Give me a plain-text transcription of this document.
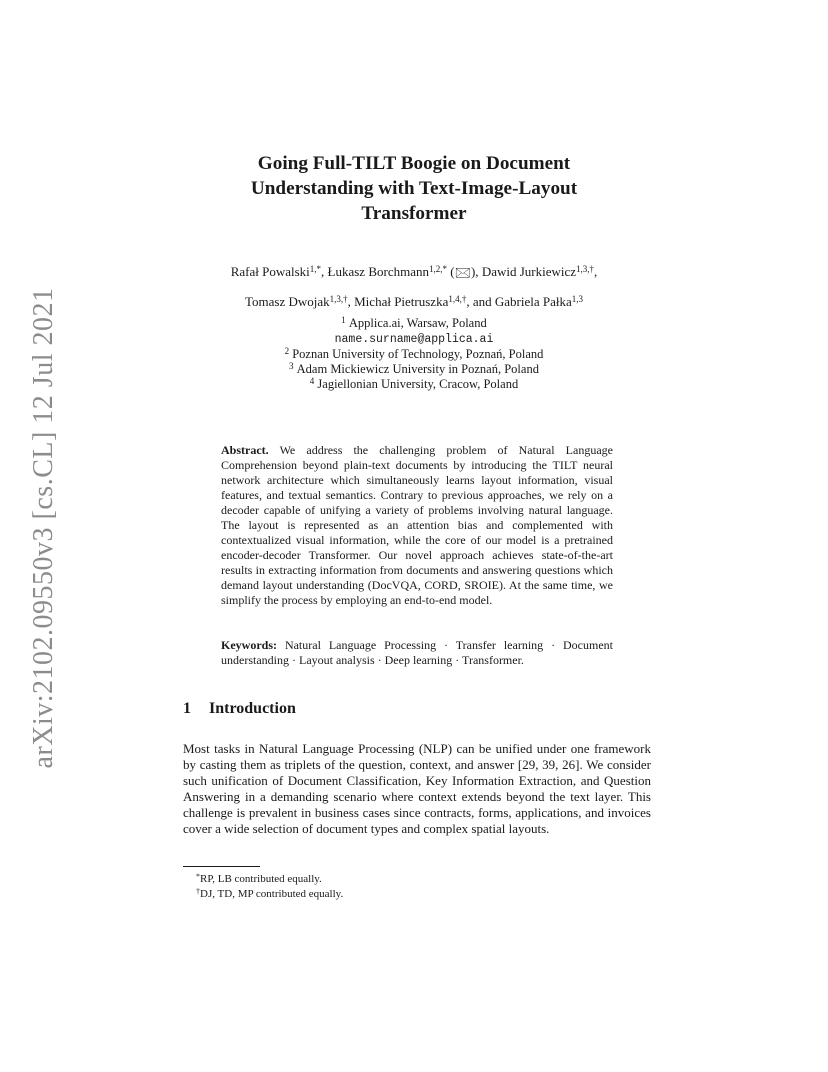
arXiv:2102.09550v3 [cs.CL] 12 Jul 2021
Going Full-TILT Boogie on Document
Understanding with Text-Image-Layout
Transformer
Rafał Powalski$^{1,*}$, Łukasz Borchmann$^{1,2,*}$ (🖂), Dawid Jurkiewicz$^{1,3,\dagger}$,
Tomasz Dwojak$^{1,3,\dagger}$, Michał Pietruszka$^{1,4,\dagger}$, and Gabriela Pałka$^{1,3}$
$^1$ Applica.ai, Warsaw, Poland
name.surname@applica.ai
$^2$ Poznan University of Technology, Poznań, Poland
$^3$ Adam Mickiewicz University in Poznań, Poland
$^4$ Jagiellonian University, Cracow, Poland
Abstract. We address the challenging problem of Natural Language Comprehension beyond plain-text documents by introducing the TILT neural network architecture which simultaneously learns layout information, visual features, and textual semantics. Contrary to previous approaches, we rely on a decoder capable of unifying a variety of problems involving natural language. The layout is represented as an attention bias and complemented with contextualized visual information, while the core of our model is a pretrained encoder-decoder Transformer. Our novel approach achieves state-of-the-art results in extracting information from documents and answering questions which demand layout understanding (DocVQA, CORD, SROIE). At the same time, we simplify the process by employing an end-to-end model.
Keywords: Natural Language Processing · Transfer learning · Document understanding · Layout analysis · Deep learning · Transformer.
1 Introduction
Most tasks in Natural Language Processing (NLP) can be unified under one framework by casting them as triplets of the question, context, and answer [29, 39, 26]. We consider such unification of Document Classification, Key Information Extraction, and Question Answering in a demanding scenario where context extends beyond the text layer. This challenge is prevalent in business cases since contracts, forms, applications, and invoices cover a wide selection of document types and complex spatial layouts.
*RP, LB contributed equally.
†DJ, TD, MP contributed equally.
